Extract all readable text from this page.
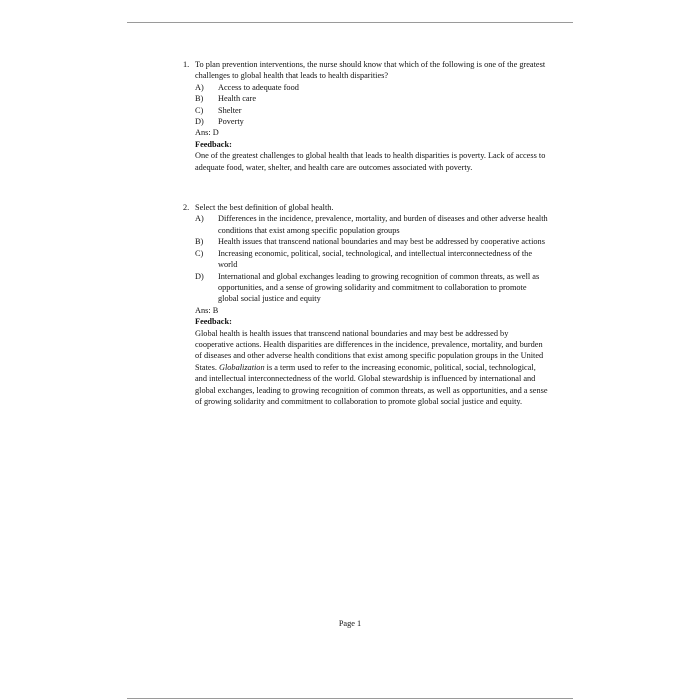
1. To plan prevention interventions, the nurse should know that which of the following is one of the greatest challenges to global health that leads to health disparities?
A) Access to adequate food
B) Health care
C) Shelter
D) Poverty
Ans: D
Feedback:
One of the greatest challenges to global health that leads to health disparities is poverty. Lack of access to adequate food, water, shelter, and health care are outcomes associated with poverty.
2. Select the best definition of global health.
A) Differences in the incidence, prevalence, mortality, and burden of diseases and other adverse health conditions that exist among specific population groups
B) Health issues that transcend national boundaries and may best be addressed by cooperative actions
C) Increasing economic, political, social, technological, and intellectual interconnectedness of the world
D) International and global exchanges leading to growing recognition of common threats, as well as opportunities, and a sense of growing solidarity and commitment to collaboration to promote global social justice and equity
Ans: B
Feedback:
Global health is health issues that transcend national boundaries and may best be addressed by cooperative actions. Health disparities are differences in the incidence, prevalence, mortality, and burden of diseases and other adverse health conditions that exist among specific population groups in the United States. Globalization is a term used to refer to the increasing economic, political, social, technological, and intellectual interconnectedness of the world. Global stewardship is influenced by international and global exchanges, leading to growing recognition of common threats, as well as opportunities, and a sense of growing solidarity and commitment to collaboration to promote global social justice and equity.
Page 1
